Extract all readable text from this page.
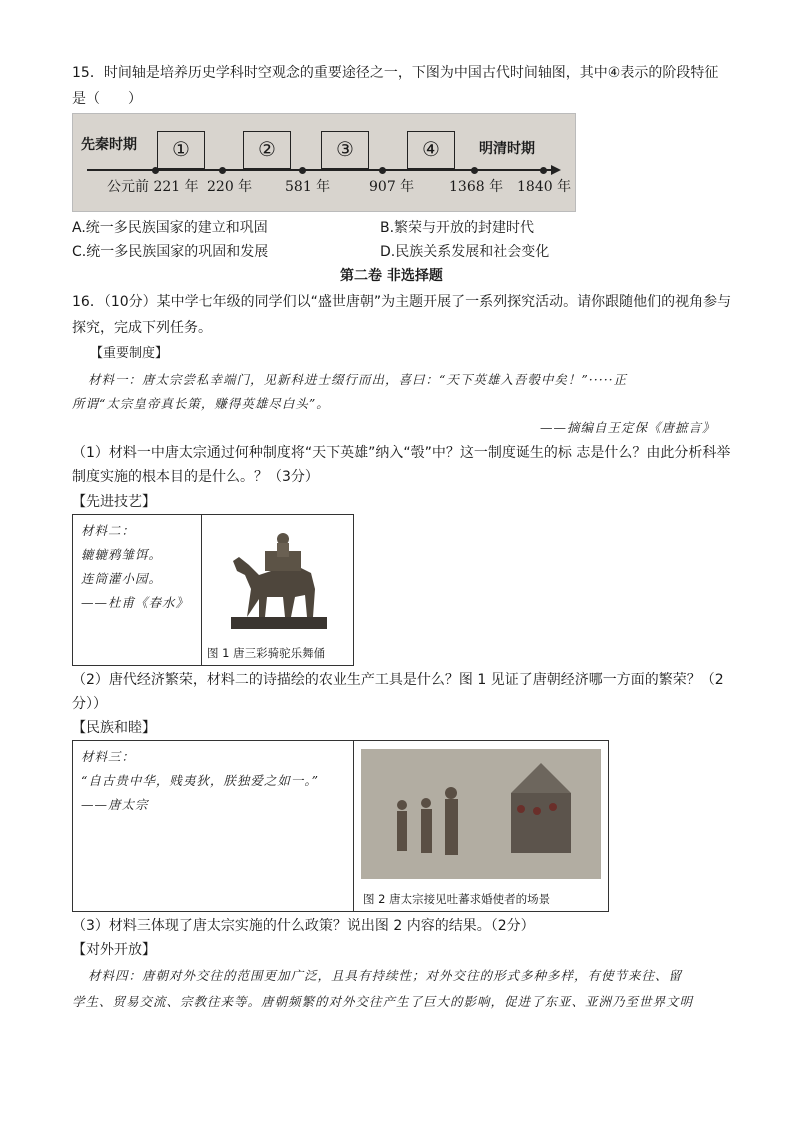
15．时间轴是培养历史学科时空观念的重要途径之一，下图为中国古代时间轴图，其中④表示的阶段特征
是（　　）
先秦时期	明清时期
①	②	③	④
公元前 221 年 220 年 581 年	907 年 1368 年 1840 年
A.统一多民族国家的建立和巩固	B.繁荣与开放的封建时代
C.统一多民族国家的巩固和发展	D.民族关系发展和社会变化
第二卷 非选择题
16．（10分）某中学七年级的同学们以“盛世唐朝”为主题开展了一系列探究活动。请你跟随他们的视角参与
探究，完成下列任务。
【重要制度】
材料一：唐太宗尝私幸端门，见新科进士缀行而出，喜曰：“天下英雄入吾彀中矣！”·····正
所谓“太宗皇帝真长策，赚得英雄尽白头”。
——摘编自王定保《唐摭言》
（1）材料一中唐太宗通过何种制度将“天下英雄”纳入“彀”中？这一制度诞生的标 志是什么？由此分析科举
制度实施的根本目的是什么。？（3分）
【先进技艺】
材料二：
辘辘鸦雏饵。
连筒灌小园。
——杜甫《春水》
图 1 唐三彩骑驼乐舞俑
（2）唐代经济繁荣，材料二的诗描绘的农业生产工具是什么？图 1 见证了唐朝经济哪一方面的繁荣？（2
分））
【民族和睦】
材料三：
“自古贵中华，贱夷狄，朕独爱之如一。”
——唐太宗
图 2 唐太宗接见吐蕃求婚使者的场景
（3）材料三体现了唐太宗实施的什么政策？说出图 2 内容的结果。（2分）
【对外开放】
材料四：唐朝对外交往的范围更加广泛，且具有持续性；对外交往的形式多种多样，有使节来往、留
学生、贸易交流、宗教往来等。唐朝频繁的对外交往产生了巨大的影响，促进了东亚、亚洲乃至世界文明
